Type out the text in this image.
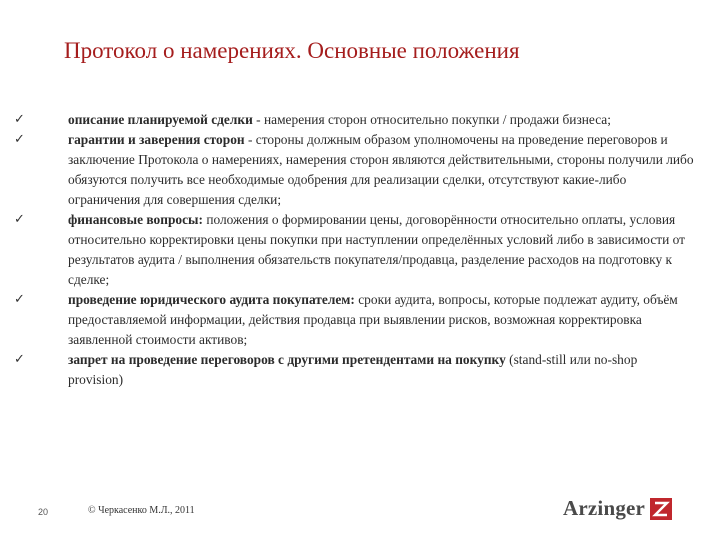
Протокол о намерениях. Основные положения
✓	описание планируемой сделки - намерения сторон относительно покупки / продажи бизнеса;
✓	гарантии и заверения сторон - стороны должным образом уполномочены на проведение переговоров и заключение Протокола о намерениях, намерения сторон являются действительными, стороны получили либо обязуются получить все необходимые одобрения для реализации сделки, отсутствуют какие-либо ограничения для совершения сделки;
✓	финансовые вопросы: положения о формировании цены, договорённости относительно оплаты, условия относительно корректировки цены покупки при наступлении определённых условий либо в зависимости от результатов аудита / выполнения обязательств покупателя/продавца, разделение расходов на подготовку к сделке;
✓	проведение юридического аудита покупателем: сроки аудита, вопросы, которые подлежат аудиту, объём предоставляемой информации, действия продавца при выявлении рисков, возможная корректировка заявленной стоимости активов;
✓	запрет на проведение переговоров с другими претендентами на покупку (stand-still или no-shop provision)
20	© Черкасенко М.Л., 2011	Arzinger
